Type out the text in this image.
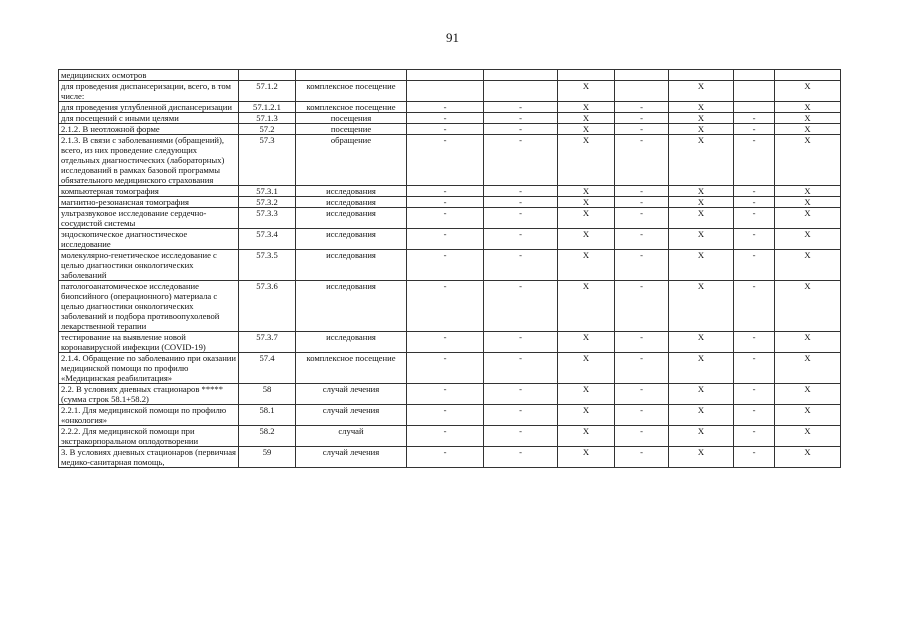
91
медицинских осмотров									
для проведения диспансеризации, всего, в том числе:	57.1.2	комплексное посещение			X		X		X
для проведения углубленной диспансеризации	57.1.2.1	комплексное посещение	-	-	X	-	X		X
для посещений с иными целями	57.1.3	посещения	-	-	X	-	X	-	X
2.1.2. В неотложной форме	57.2	посещение	-	-	X	-	X	-	X
2.1.3. В связи с заболеваниями (обращений), всего, из них проведение следующих отдельных диагностических (лабораторных) исследований в рамках базовой программы обязательного медицинского страхования	57.3	обращение	-	-	X	-	X	-	X
компьютерная томография	57.3.1	исследования	-	-	X	-	X	-	X
магнитно-резонансная томография	57.3.2	исследования	-	-	X	-	X	-	X
ультразвуковое исследование сердечно-сосудистой системы	57.3.3	исследования	-	-	X	-	X	-	X
эндоскопическое диагностическое исследование	57.3.4	исследования	-	-	X	-	X	-	X
молекулярно-генетическое исследование с целью диагностики онкологических заболеваний	57.3.5	исследования	-	-	X	-	X	-	X
патологоанатомическое исследование биопсийного (операционного) материала с целью диагностики онкологических заболеваний и подбора противоопухолевой лекарственной терапии	57.3.6	исследования	-	-	X	-	X	-	X
тестирование на выявление новой коронавирусной инфекции (COVID-19)	57.3.7	исследования	-	-	X	-	X	-	X
2.1.4. Обращение по заболеванию при оказании медицинской помощи по профилю «Медицинская реабилитация»	57.4	комплексное посещение	-	-	X	-	X	-	X
2.2. В условиях дневных стационаров ***** (сумма строк 58.1+58.2)	58	случай лечения	-	-	X	-	X	-	X
2.2.1. Для медицинской помощи по профилю «онкология»	58.1	случай лечения	-	-	X	-	X	-	X
2.2.2. Для медицинской помощи при экстракорпоральном оплодотворении	58.2	случай	-	-	X	-	X	-	X
3. В условиях дневных стационаров (первичная медико-санитарная помощь,	59	случай лечения	-	-	X	-	X	-	X
